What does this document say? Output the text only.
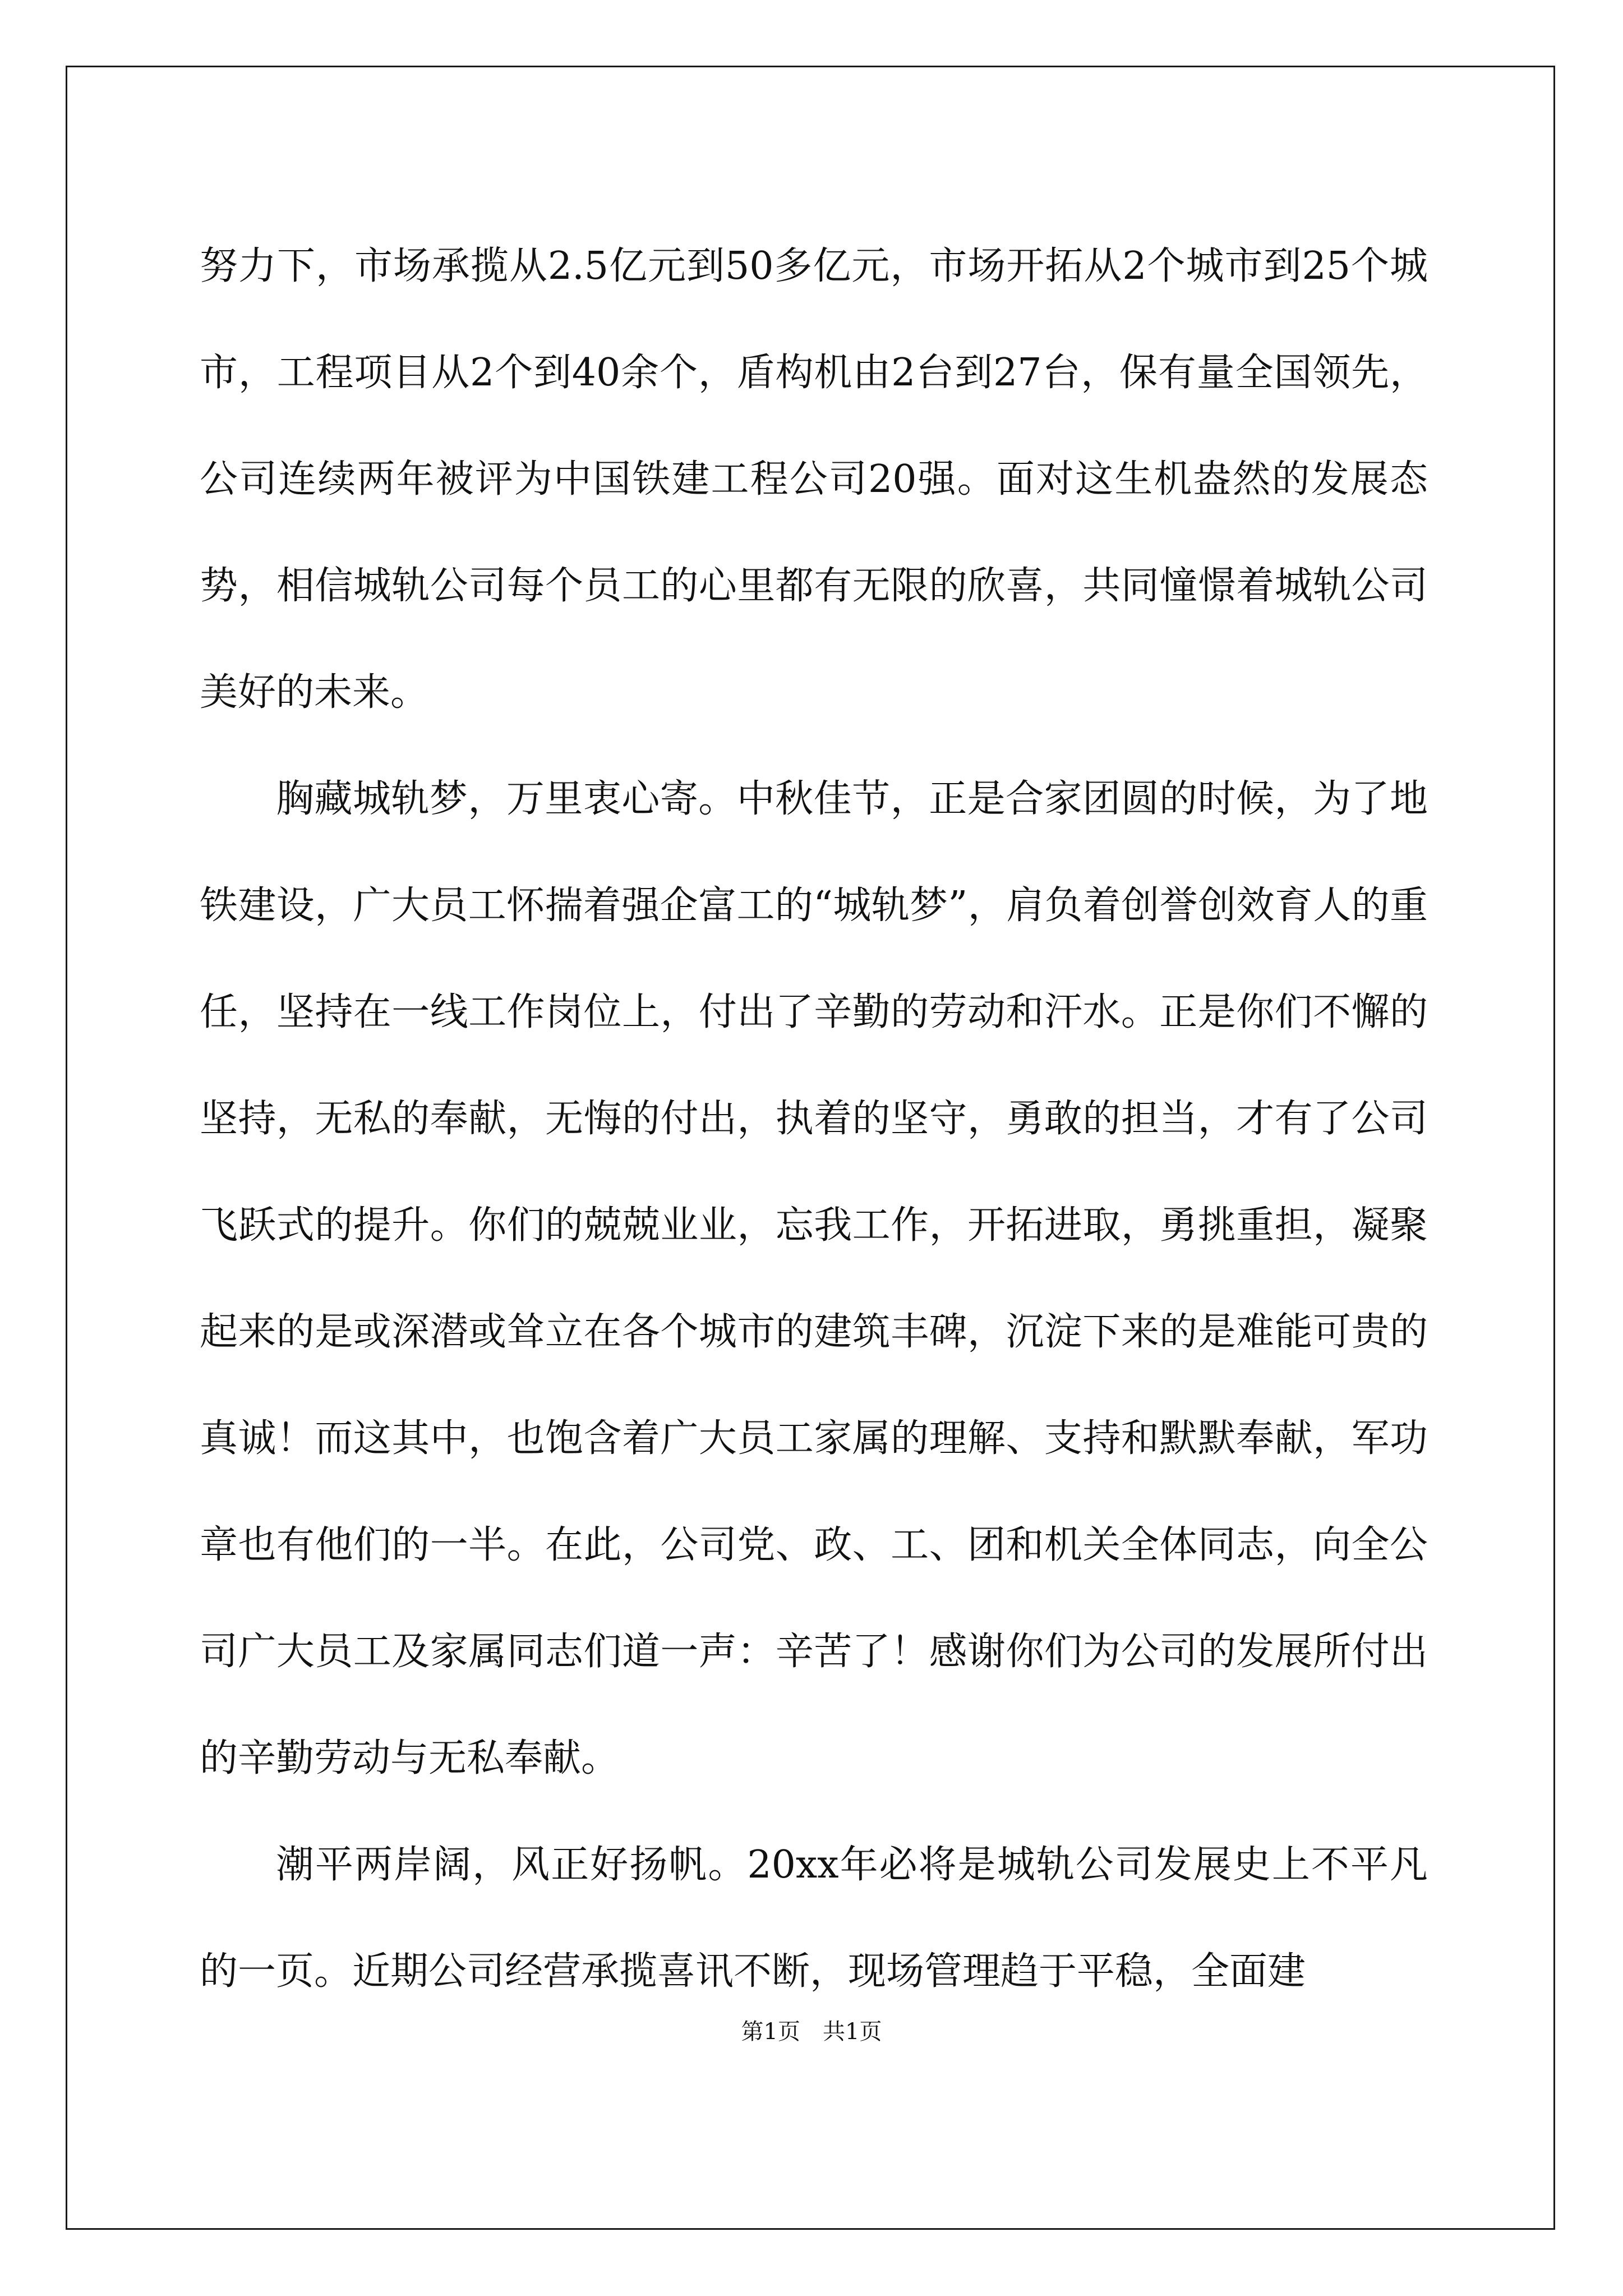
努力下，市场承揽从2.5亿元到50多亿元，市场开拓从2个城市到25个城市，工程项目从2个到40余个，盾构机由2台到27台，保有量全国领先，公司连续两年被评为中国铁建工程公司20强。面对这生机盎然的发展态势，相信城轨公司每个员工的心里都有无限的欣喜，共同憧憬着城轨公司美好的未来。

胸藏城轨梦，万里衷心寄。中秋佳节，正是合家团圆的时候，为了地铁建设，广大员工怀揣着强企富工的“城轨梦”，肩负着创誉创效育人的重任，坚持在一线工作岗位上，付出了辛勤的劳动和汗水。正是你们不懈的坚持，无私的奉献，无悔的付出，执着的坚守，勇敢的担当，才有了公司飞跃式的提升。你们的兢兢业业，忘我工作，开拓进取，勇挑重担，凝聚起来的是或深潜或耸立在各个城市的建筑丰碑，沉淀下来的是难能可贵的真诚！而这其中，也饱含着广大员工家属的理解、支持和默默奉献，军功章也有他们的一半。在此，公司党、政、工、团和机关全体同志，向全公司广大员工及家属同志们道一声：辛苦了！感谢你们为公司的发展所付出的辛勤劳动与无私奉献。

潮平两岸阔，风正好扬帆。20xx年必将是城轨公司发展史上不平凡的一页。近期公司经营承揽喜讯不断，现场管理趋于平稳，全面建

第1页　共1页
